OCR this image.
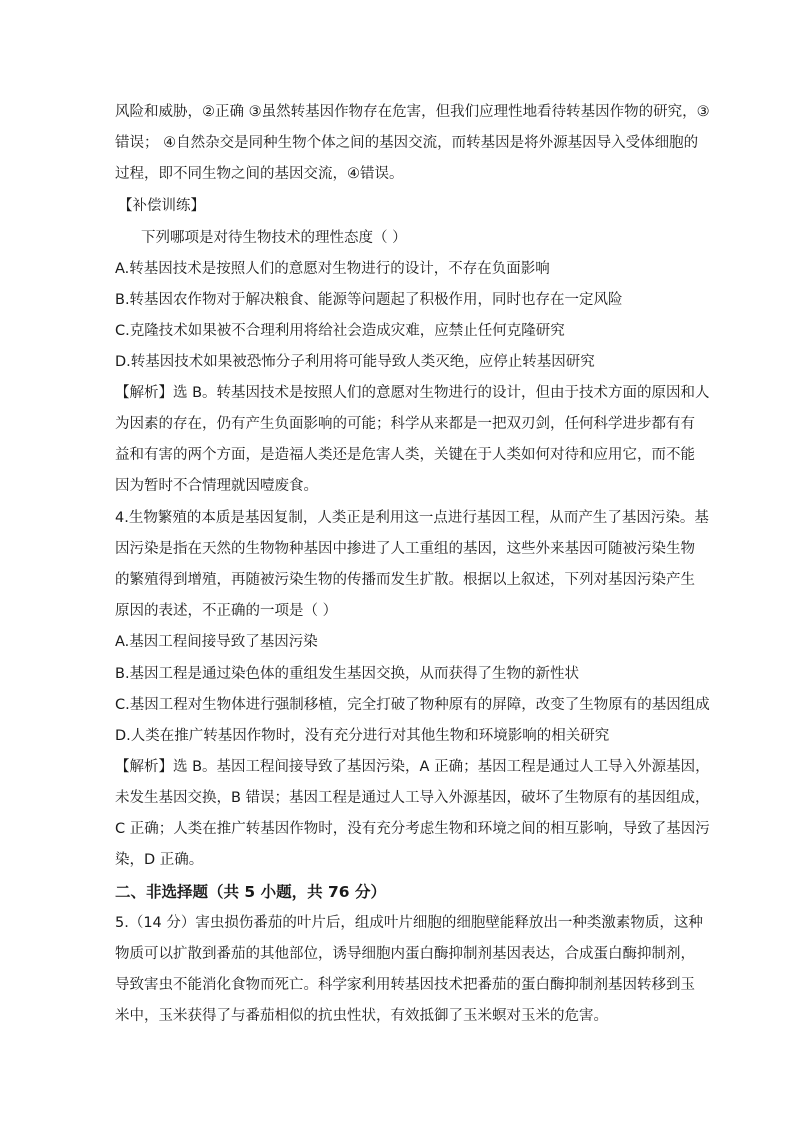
风险和威胁，②正确 ③虽然转基因作物存在危害，但我们应理性地看待转基因作物的研究，③
错误； ④自然杂交是同种生物个体之间的基因交流，而转基因是将外源基因导入受体细胞的
过程，即不同生物之间的基因交流，④错误。
【补偿训练】
下列哪项是对待生物技术的理性态度（ ）
A.转基因技术是按照人们的意愿对生物进行的设计，不存在负面影响
B.转基因农作物对于解决粮食、能源等问题起了积极作用，同时也存在一定风险
C.克隆技术如果被不合理利用将给社会造成灾难，应禁止任何克隆研究
D.转基因技术如果被恐怖分子利用将可能导致人类灭绝，应停止转基因研究
【解析】选 B。转基因技术是按照人们的意愿对生物进行的设计，但由于技术方面的原因和人
为因素的存在，仍有产生负面影响的可能；科学从来都是一把双刃剑，任何科学进步都有有
益和有害的两个方面，是造福人类还是危害人类，关键在于人类如何对待和应用它，而不能
因为暂时不合情理就因噎废食。
4.生物繁殖的本质是基因复制，人类正是利用这一点进行基因工程，从而产生了基因污染。基
因污染是指在天然的生物物种基因中掺进了人工重组的基因，这些外来基因可随被污染生物
的繁殖得到增殖，再随被污染生物的传播而发生扩散。根据以上叙述，下列对基因污染产生
原因的表述，不正确的一项是（ ）
A.基因工程间接导致了基因污染
B.基因工程是通过染色体的重组发生基因交换，从而获得了生物的新性状
C.基因工程对生物体进行强制移植，完全打破了物种原有的屏障，改变了生物原有的基因组成
D.人类在推广转基因作物时，没有充分进行对其他生物和环境影响的相关研究
【解析】选 B。基因工程间接导致了基因污染，A 正确；基因工程是通过人工导入外源基因，
未发生基因交换，B 错误；基因工程是通过人工导入外源基因，破坏了生物原有的基因组成，
C 正确；人类在推广转基因作物时，没有充分考虑生物和环境之间的相互影响，导致了基因污
染，D 正确。
二、非选择题（共 5 小题，共 76 分）
5.（14 分）害虫损伤番茄的叶片后，组成叶片细胞的细胞壁能释放出一种类激素物质，这种
物质可以扩散到番茄的其他部位，诱导细胞内蛋白酶抑制剂基因表达，合成蛋白酶抑制剂，
导致害虫不能消化食物而死亡。科学家利用转基因技术把番茄的蛋白酶抑制剂基因转移到玉
米中，玉米获得了与番茄相似的抗虫性状，有效抵御了玉米螟对玉米的危害。
